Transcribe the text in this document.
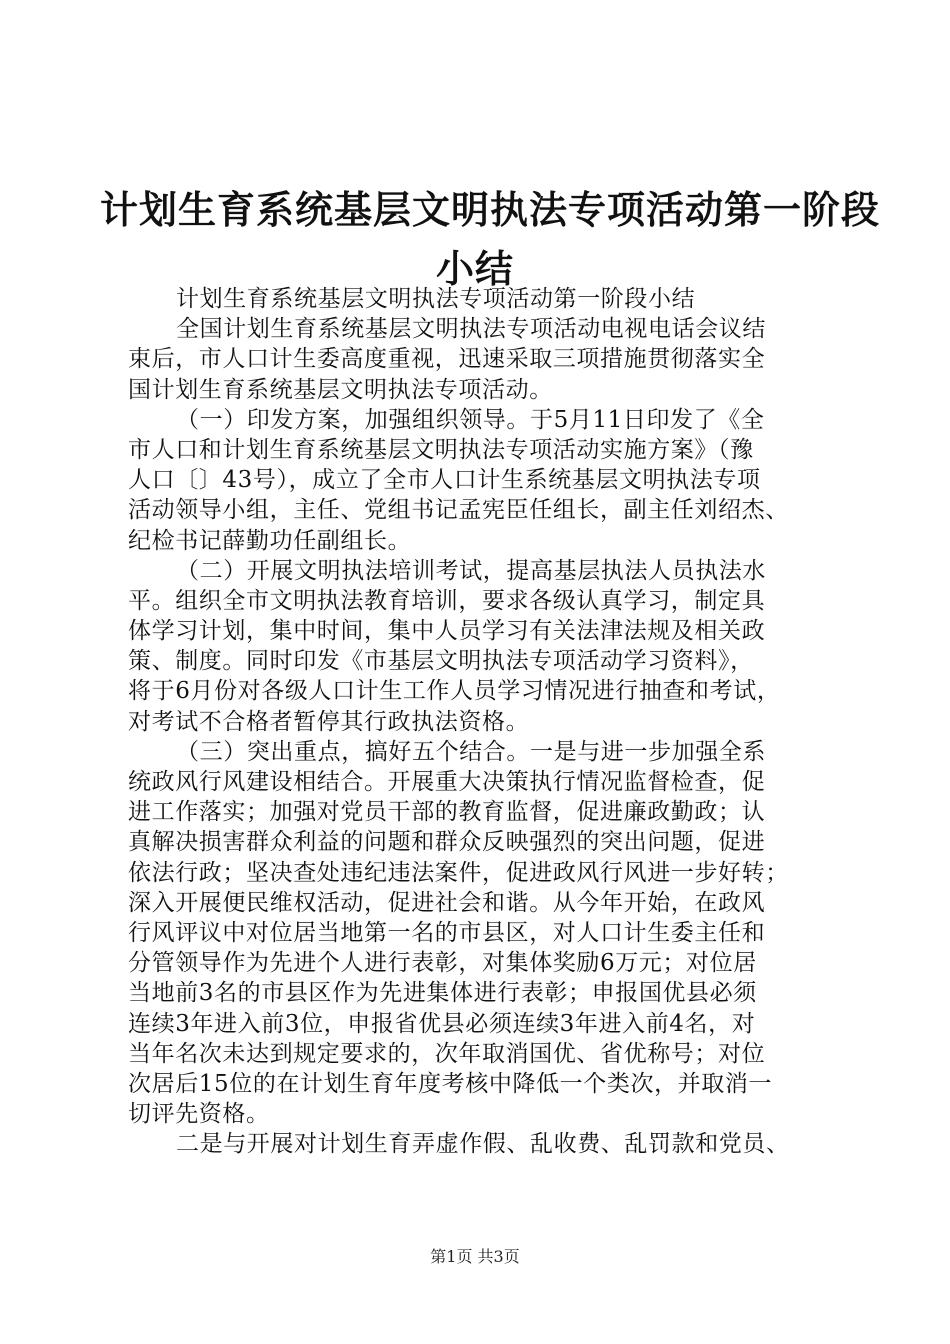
计划生育系统基层文明执法专项活动第一阶段
小结
计划生育系统基层文明执法专项活动第一阶段小结
全国计划生育系统基层文明执法专项活动电视电话会议结
束后，市人口计生委高度重视，迅速采取三项措施贯彻落实全
国计划生育系统基层文明执法专项活动。
（一）印发方案，加强组织领导。于5月11日印发了《全
市人口和计划生育系统基层文明执法专项活动实施方案》（豫
人口〔〕43号），成立了全市人口计生系统基层文明执法专项
活动领导小组，主任、党组书记孟宪臣任组长，副主任刘绍杰、
纪检书记薛勤功任副组长。
（二）开展文明执法培训考试，提高基层执法人员执法水
平。组织全市文明执法教育培训，要求各级认真学习，制定具
体学习计划，集中时间，集中人员学习有关法津法规及相关政
策、制度。同时印发《市基层文明执法专项活动学习资料》，
将于6月份对各级人口计生工作人员学习情况进行抽查和考试，
对考试不合格者暂停其行政执法资格。
（三）突出重点，搞好五个结合。一是与进一步加强全系
统政风行风建设相结合。开展重大决策执行情况监督检查，促
进工作落实；加强对党员干部的教育监督，促进廉政勤政；认
真解决损害群众利益的问题和群众反映强烈的突出问题，促进
依法行政；坚决查处违纪违法案件，促进政风行风进一步好转；
深入开展便民维权活动，促进社会和谐。从今年开始，在政风
行风评议中对位居当地第一名的市县区，对人口计生委主任和
分管领导作为先进个人进行表彰，对集体奖励6万元；对位居
当地前3名的市县区作为先进集体进行表彰；申报国优县必须
连续3年进入前3位，申报省优县必须连续3年进入前4名，对
当年名次未达到规定要求的，次年取消国优、省优称号；对位
次居后15位的在计划生育年度考核中降低一个类次，并取消一
切评先资格。
二是与开展对计划生育弄虚作假、乱收费、乱罚款和党员、
第1页 共3页
